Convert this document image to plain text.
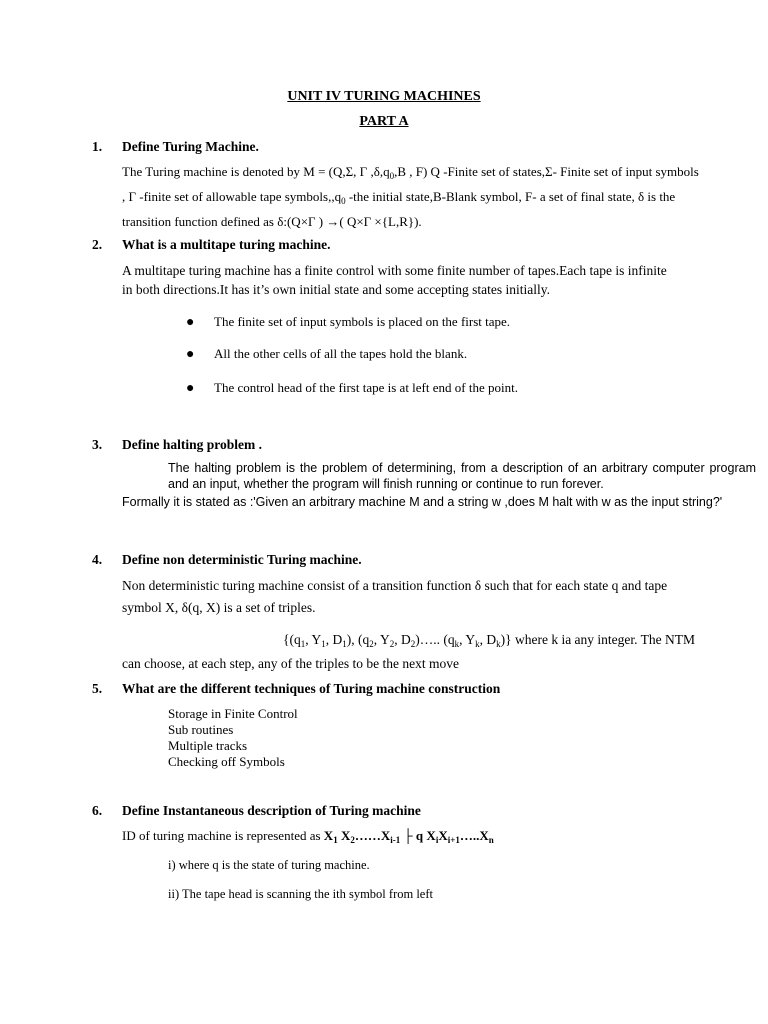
UNIT IV TURING MACHINES
PART A
1. Define Turing Machine.
The Turing machine is denoted by M = (Q,Σ, Γ $,\delta,q_0,B$ , F) Q -Finite set of states,Σ- Finite set of input symbols
, Γ -finite set of allowable tape $symbols,,q_0$ -the initial state,B-Blank symbol, F- a set of final state, δ is the
transition function defined as δ:(Q×Γ ) →( Q×Γ ×{L,R}).
2. What is a multitape turing machine.
A multitape turing machine has a finite control with some finite number of tapes.Each tape is infinite
in both directions.It has it’s own initial state and some accepting states initially.
● The finite set of input symbols is placed on the first tape.
● All the other cells of all the tapes hold the blank.
● The control head of the first tape is at left end of the point.
3. Define halting problem .
The halting problem is the problem of determining, from a description of an arbitrary computer program and an input, whether the program will finish running or continue to run forever.
Formally it is stated as :'Given an arbitrary machine M and a string w ,does M halt with w as the input string?'
4. Define non deterministic Turing machine.
Non deterministic turing machine consist of a transition function δ such that for each state q and tape
symbol X, δ(q, X) is a set of triples.
{($q_1$, $Y_1$, $D_1$), ($q_2$, $Y_2$, $D_2)\dots$.. ($q_k$, $Y_k$, $D_k$)} where k ia any integer. The NTM
can choose, at each step, any of the triples to be the next move
5. What are the different techniques of Turing machine construction
Storage in Finite Control
Sub routines
Multiple tracks
Checking off Symbols
6. Define Instantaneous description of Turing machine
ID of turing machine is represented as $X_1$ $X_2\dots\dots X_{i-1}$ ├ q $X_iX_{i+1}\dots..X_n$
i) where q is the state of turing machine.
ii) The tape head is scanning the ith symbol from left
